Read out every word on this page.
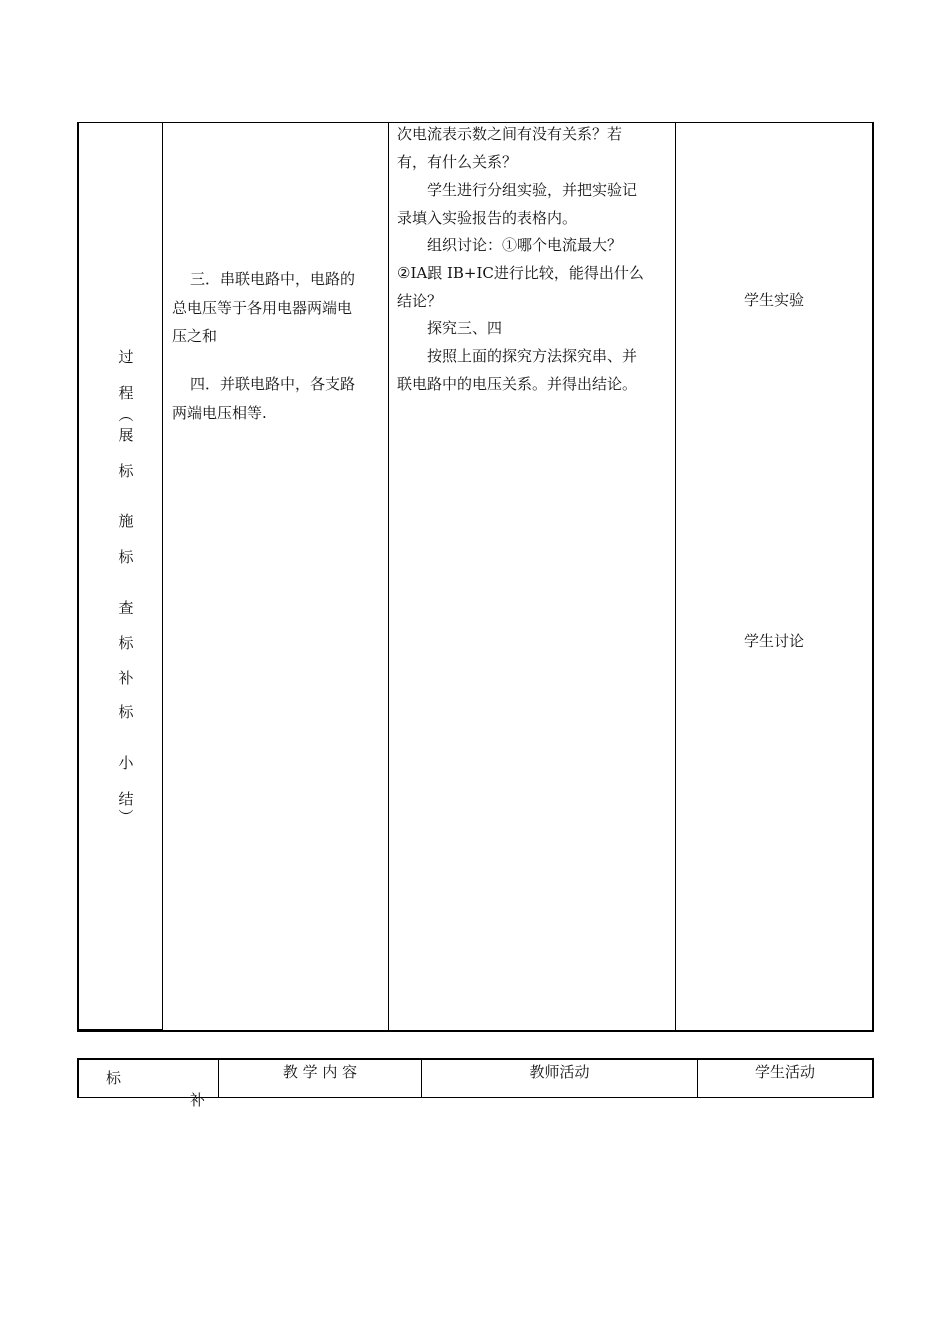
过
程
︵
展
标
施
标
查
标
补
标
小
结
︶
三．串联电路中，电路的
总电压等于各用电器两端电
压之和
四．并联电路中，各支路
两端电压相等.
次电流表示数之间有没有关系？若
有，有什么关系？
学生进行分组实验，并把实验记
录填入实验报告的表格内。
组织讨论：①哪个电流最大？
②IA跟 IB+IC进行比较，能得出什么
结论？
探究三、四
按照上面的探究方法探究串、并
联电路中的电压关系。并得出结论。
学生实验
学生讨论
标
补
教 学 内 容	教师活动	学生活动
